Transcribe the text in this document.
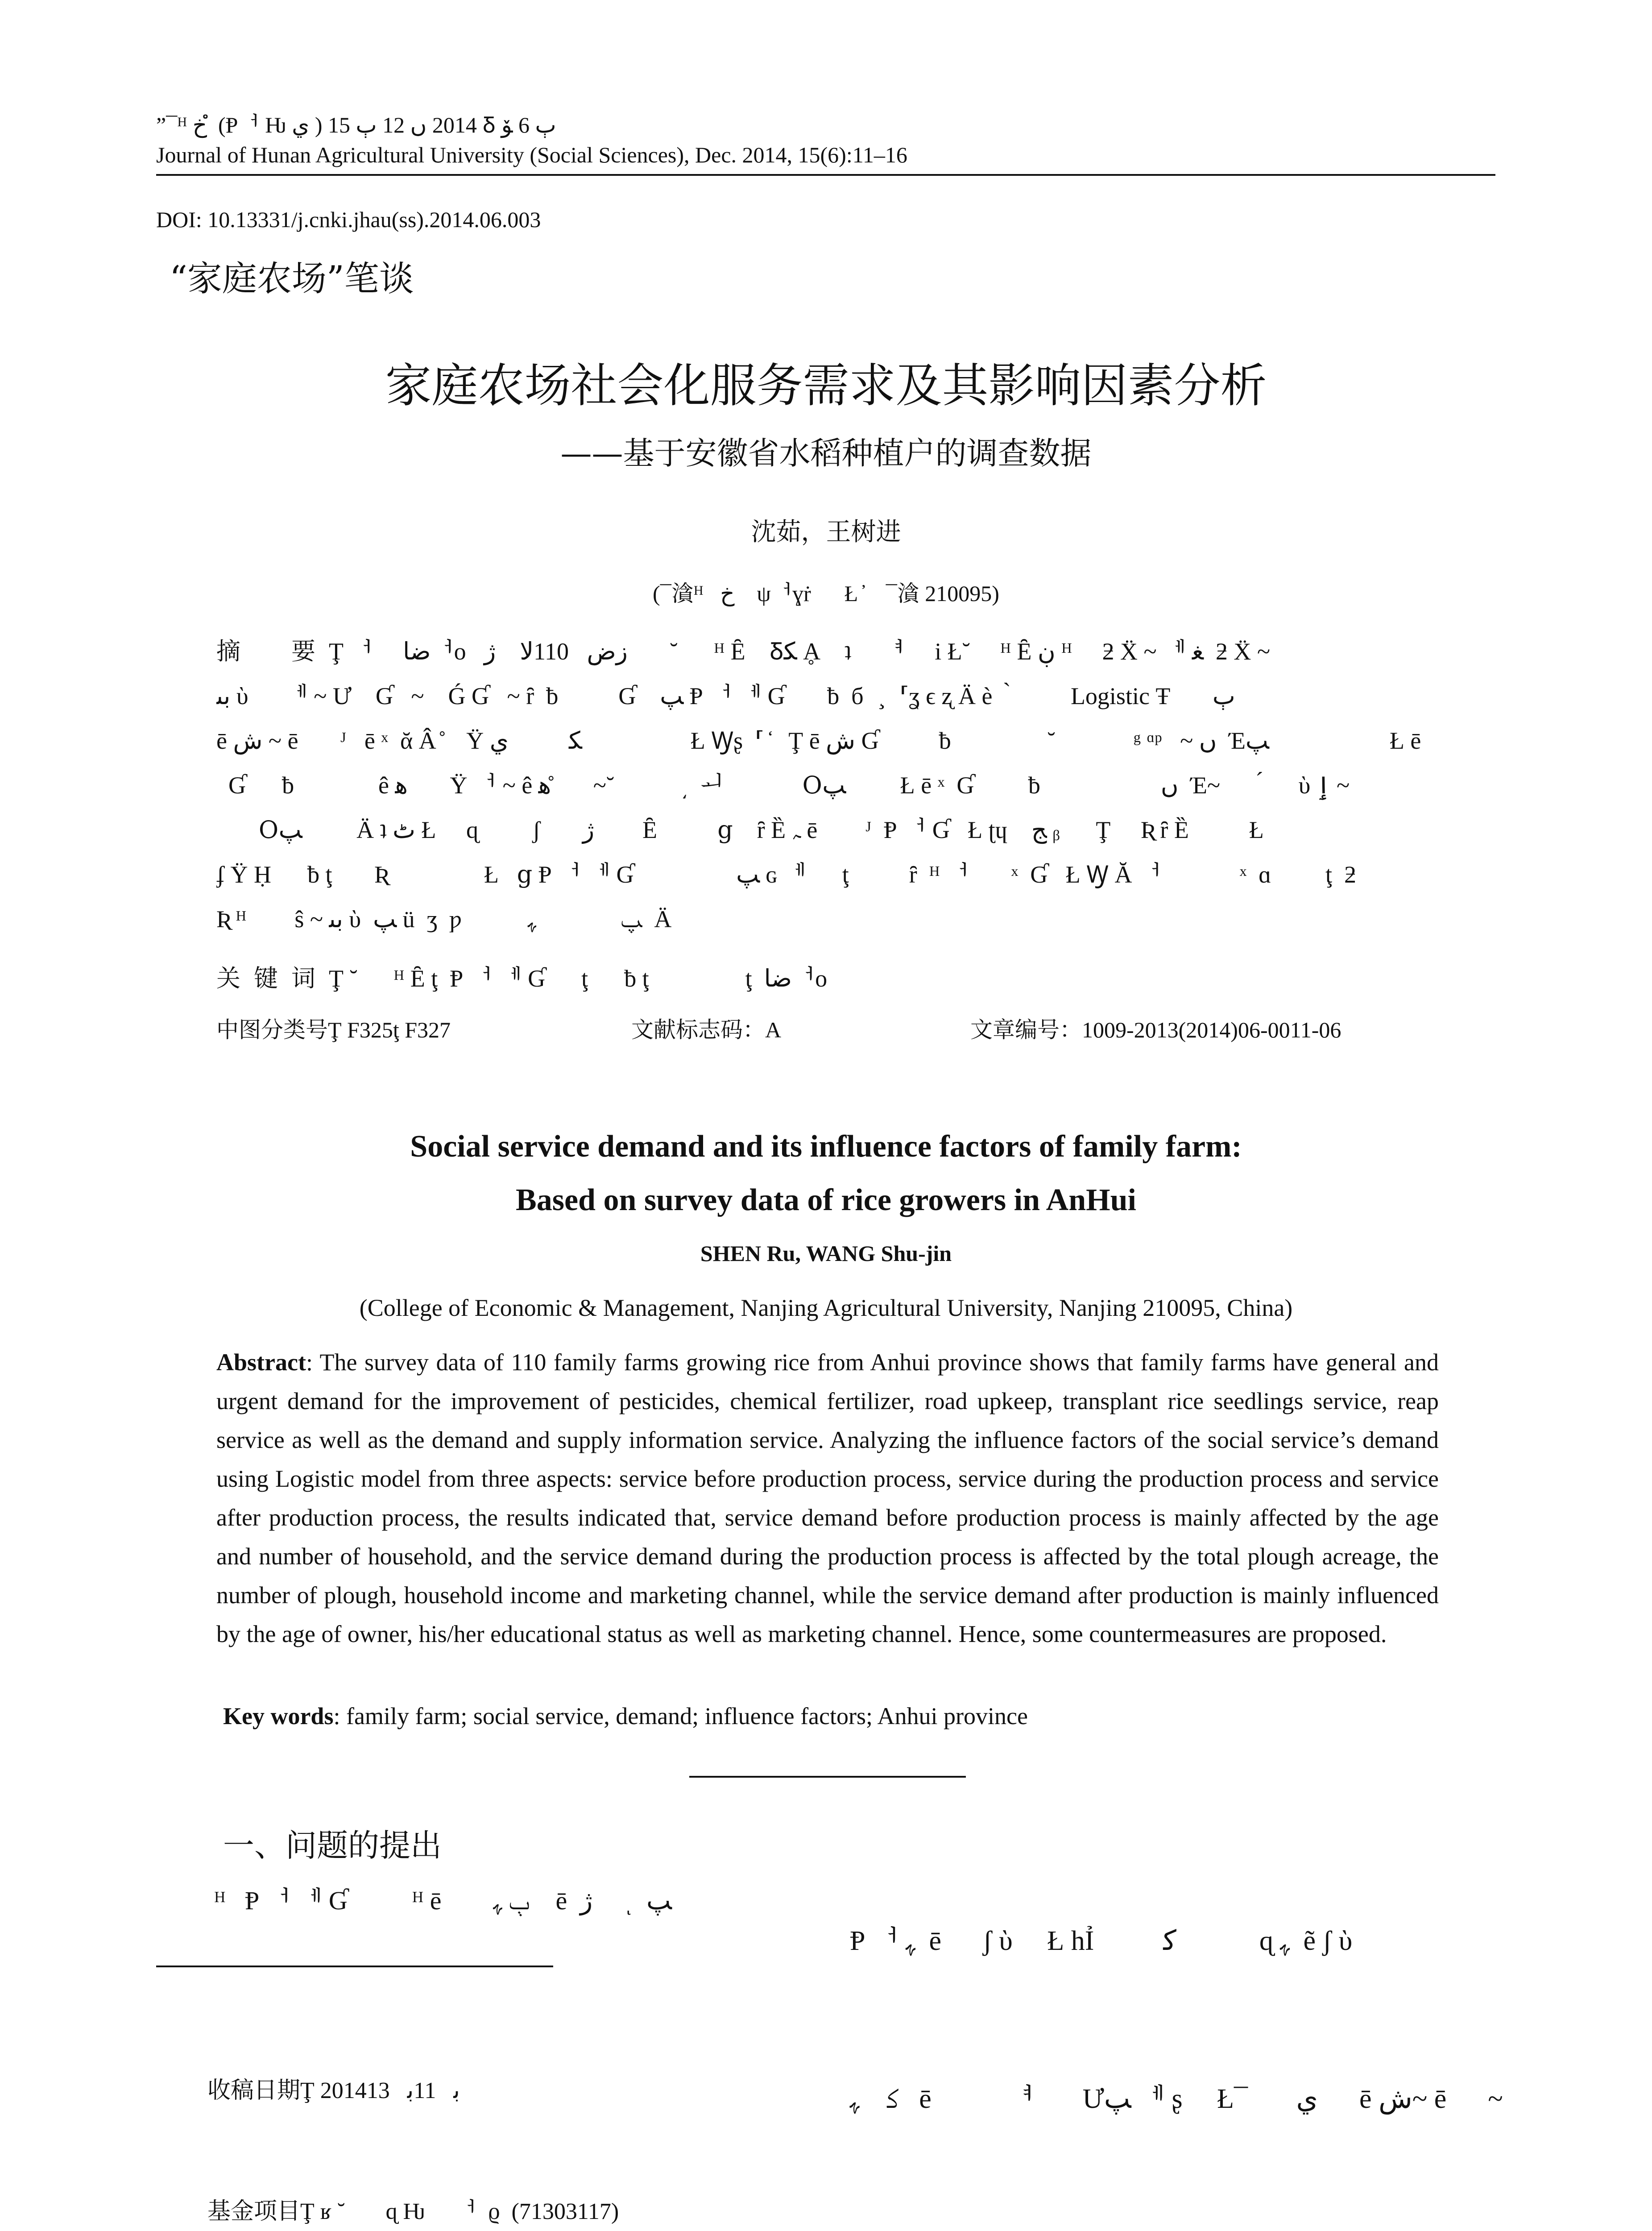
”¯ᴴ ﺥ ໍ (Ᵽᅥ Ƕ ي ) 2014 ں 12 ٻ 15 Ᵹ ٻ 6 ﯚ
Journal of Hunan Agricultural University (Social Sciences), Dec. 2014, 15(6):11–16
DOI: 10.13331/j.cnki.jhau(ss).2014.06.003
“家庭农场”笔谈
家庭农场社会化服务需求及其影响因素分析
——基于安徽省水稻种植户的调查数据
沈茹，王树进
(¯㵅ᴴ   ﺥ    ψᅥɣṙ      Ł ̓    ¯㵅 210095)
摘　要Ţ ᅥ     ﺿﺎᅥo   ﺯﺽ   110ﻻ    ژ       ˘      ᴴ Ȇ    Ᵹﮑ Ḁ    ʇ     ᅧ     i Ł˘     ᴴ Ȇ ڹ ᴴ     ƻ Ẍ ~ ᅦ ﻐ  ƻ Ẍ ~
ﺑﯩ ὺ      ᅦ ~ Ư    Ɠ   ~    Ǵ Ɠ   ~ ȓ  ƀ          Ɠ    ﭗ Ᵽ ᅥ ᅦ Ɠ       ƀ  б   ̧   ⸢ʓ ϵ ʐ Ä è   ̀          Logistic Ŧ       ٻ
ē ﺵ ~ ē       ᴶ   ē ˣ  ᾰ Â ̊    Ÿ ﮑ          ﻱ                  Ł Ꝡʂ  ⸢ ̒   Ţ ē ﺵ Ɠ          ƀ                ˘             ᵍ ᵅᵖ   ~ ں  Έﭗ                    Ł ē
Ɠ      ƀ              ê ﻫ       Ÿ ᅥ ~ ê ﻫ ̊      ~˘           ͵  ᅬ             Օﭗ         Ł ē ˣ  Ɠ         ƀ                    ں  Έ~       ́      ὺ ٳ ~
Օﭗ         Ä ʇ ٹ Ł     ɋ         ʃ       ژ        Ȇ          ց    ȓ Ȅ ﮧ ē        ᴶ  Ᵽ ᅥ Ɠ   Ł ʈɥ    ﺞ ᵦ      Ţ     Ʀ ȓ Ȅ          Ł
ʄ Ÿ Ḥ      ƀ ţ       Ʀ                Ł   ց Ᵽ ᅥ ᅦ Ɠ                 ﭗ ɢ ᅦ      ţ          ȓ  ᴴ ᅥ       ˣ  Ɠ   Ł Ꝡ Ă ᅥ             ˣ  ɑ         ţ  ƻ
Ʀ ᴴ        ŝ ~ ﺑﯩ ὺ  ﭗ ü  ʒ  ƿ           ﭗ              ﮩ  Ä
关键词Ţ ˘      ᴴ Ȇ ţ  Ᵽ ᅥ ᅦ Ɠ      ţ      ƀ ţ                ţ  ﺿﺎᅥo
中图分类号Ţ F325ţ F327	文献标志码：A	文章编号：1009-2013(2014)06-0011-06
Social service demand and its influence factors of family farm:
Based on survey data of rice growers in AnHui
SHEN Ru, WANG Shu-jin
(College of Economic & Management, Nanjing Agricultural University, Nanjing 210095, China)
Abstract: The survey data of 110 family farms growing rice from Anhui province shows that family farms have general and urgent demand for the improvement of pesticides, chemical fertilizer, road upkeep, transplant rice seedlings service, reap service as well as the demand and supply information service. Analyzing the influence factors of the social service’s demand using Logistic model from three aspects: service before production process, service during the production process and service after production process, the results indicated that, service demand before production process is mainly affected by the age and number of household, and the service demand during the production process is affected by the total plough acreage, the number of plough, household income and marketing channel, while the service demand after production is mainly influenced by the age of owner, his/her educational status as well as marketing channel. Hence, some countermeasures are proposed.
Key words: family farm; social service, demand; influence factors; Anhui province
一、问题的提出
ᴴ   Ᵽ ᅥ ᅦ Ɠ          ᴴ ē        ٻ ﮩ    ē  ژ     ͺ  ﭗ

收稿日期Ţ 2014ﺑ   11ﺑ   13

基金项目Ţ ʁ ˘       ɋ Ƕ     ᅥ  ϱ  (71303117)

Ᵽ ᅥ ﮩ  ē      ʃ ὺ     Ł hỈ          ﮐ            ɋ ﮩ  ẽ ʃ ὺ

ﮐ    ﮩ   ē           ᅧ       Ưﭗ ᅦ ʂ     Ł¯       ﻱ      ē ﺵ~ ē      ~
